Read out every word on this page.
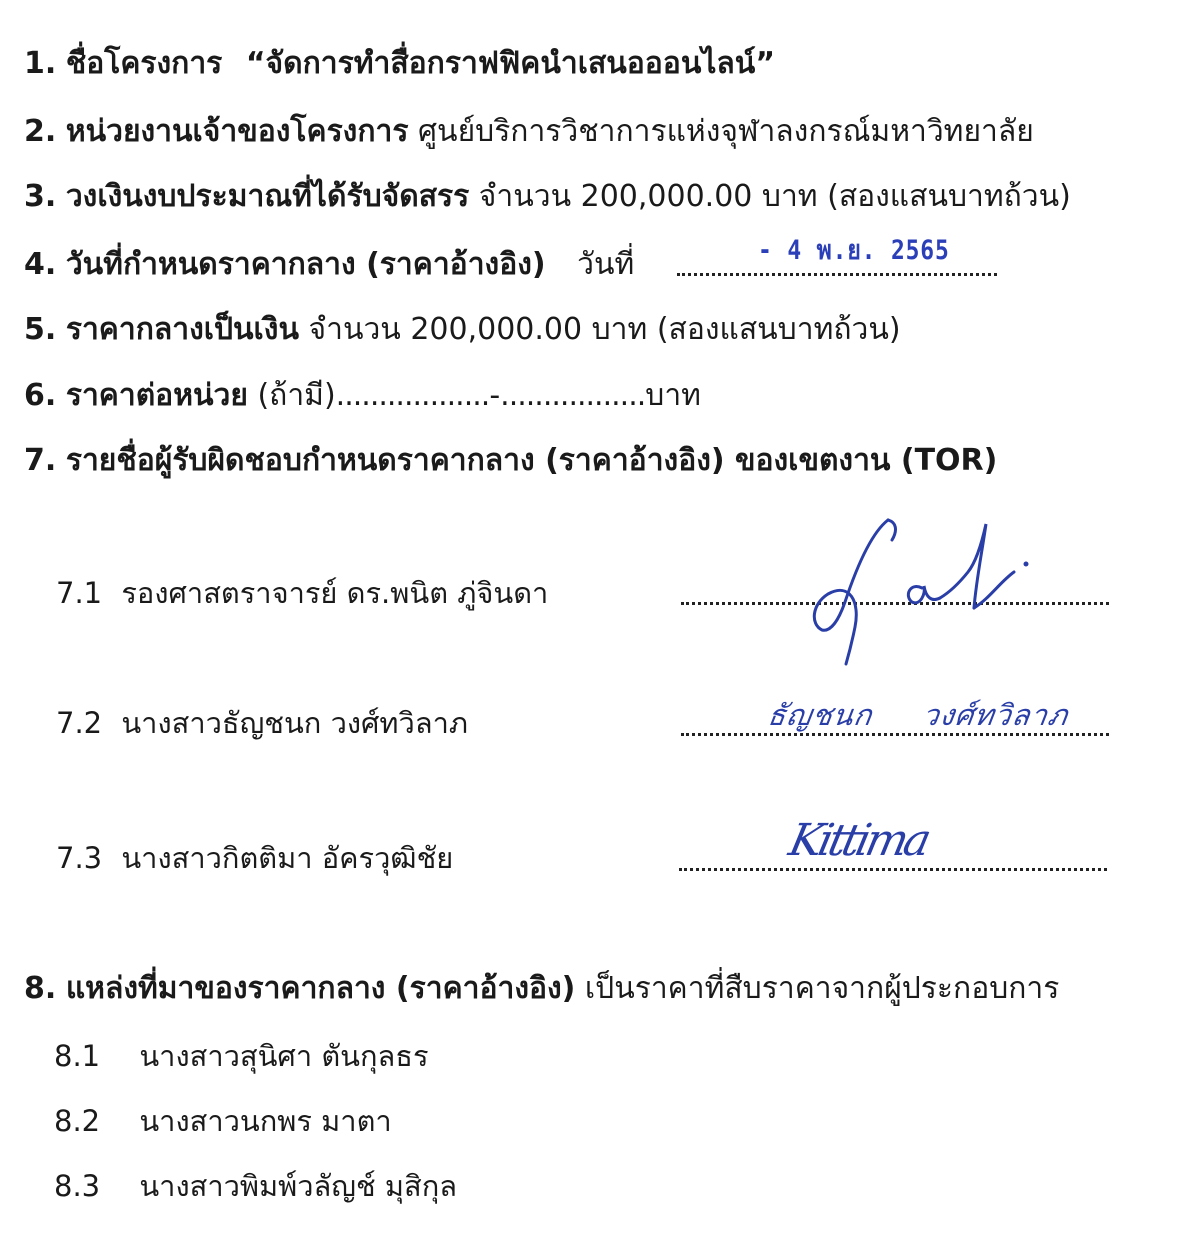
1. ชื่อโครงการ “จัดการทำสื่อกราฟฟิคนำเสนอออนไลน์”
2. หน่วยงานเจ้าของโครงการ ศูนย์บริการวิชาการแห่งจุฬาลงกรณ์มหาวิทยาลัย
3. วงเงินงบประมาณที่ได้รับจัดสรร จำนวน 200,000.00 บาท (สองแสนบาทถ้วน)
4. วันที่กำหนดราคากลาง (ราคาอ้างอิง) วันที่	- 4 พ.ย. 2565
5. ราคากลางเป็นเงิน จำนวน 200,000.00 บาท (สองแสนบาทถ้วน)
6. ราคาต่อหน่วย (ถ้ามี)..................-.................บาท
7. รายชื่อผู้รับผิดชอบกำหนดราคากลาง (ราคาอ้างอิง) ของเขตงาน (TOR)
7.1 รองศาสตราจารย์ ดร.พนิต ภู่จินดา
7.2 นางสาวธัญชนก วงศ์ทวิลาภ	ธัญชนก วงศ์ทวิลาภ
7.3 นางสาวกิตติมา อัครวุฒิชัย	Kittima
8. แหล่งที่มาของราคากลาง (ราคาอ้างอิง) เป็นราคาที่สืบราคาจากผู้ประกอบการ
8.1 นางสาวสุนิศา ตันกุลธร
8.2 นางสาวนกพร มาตา
8.3 นางสาวพิมพ์วลัญช์ มุสิกุล
